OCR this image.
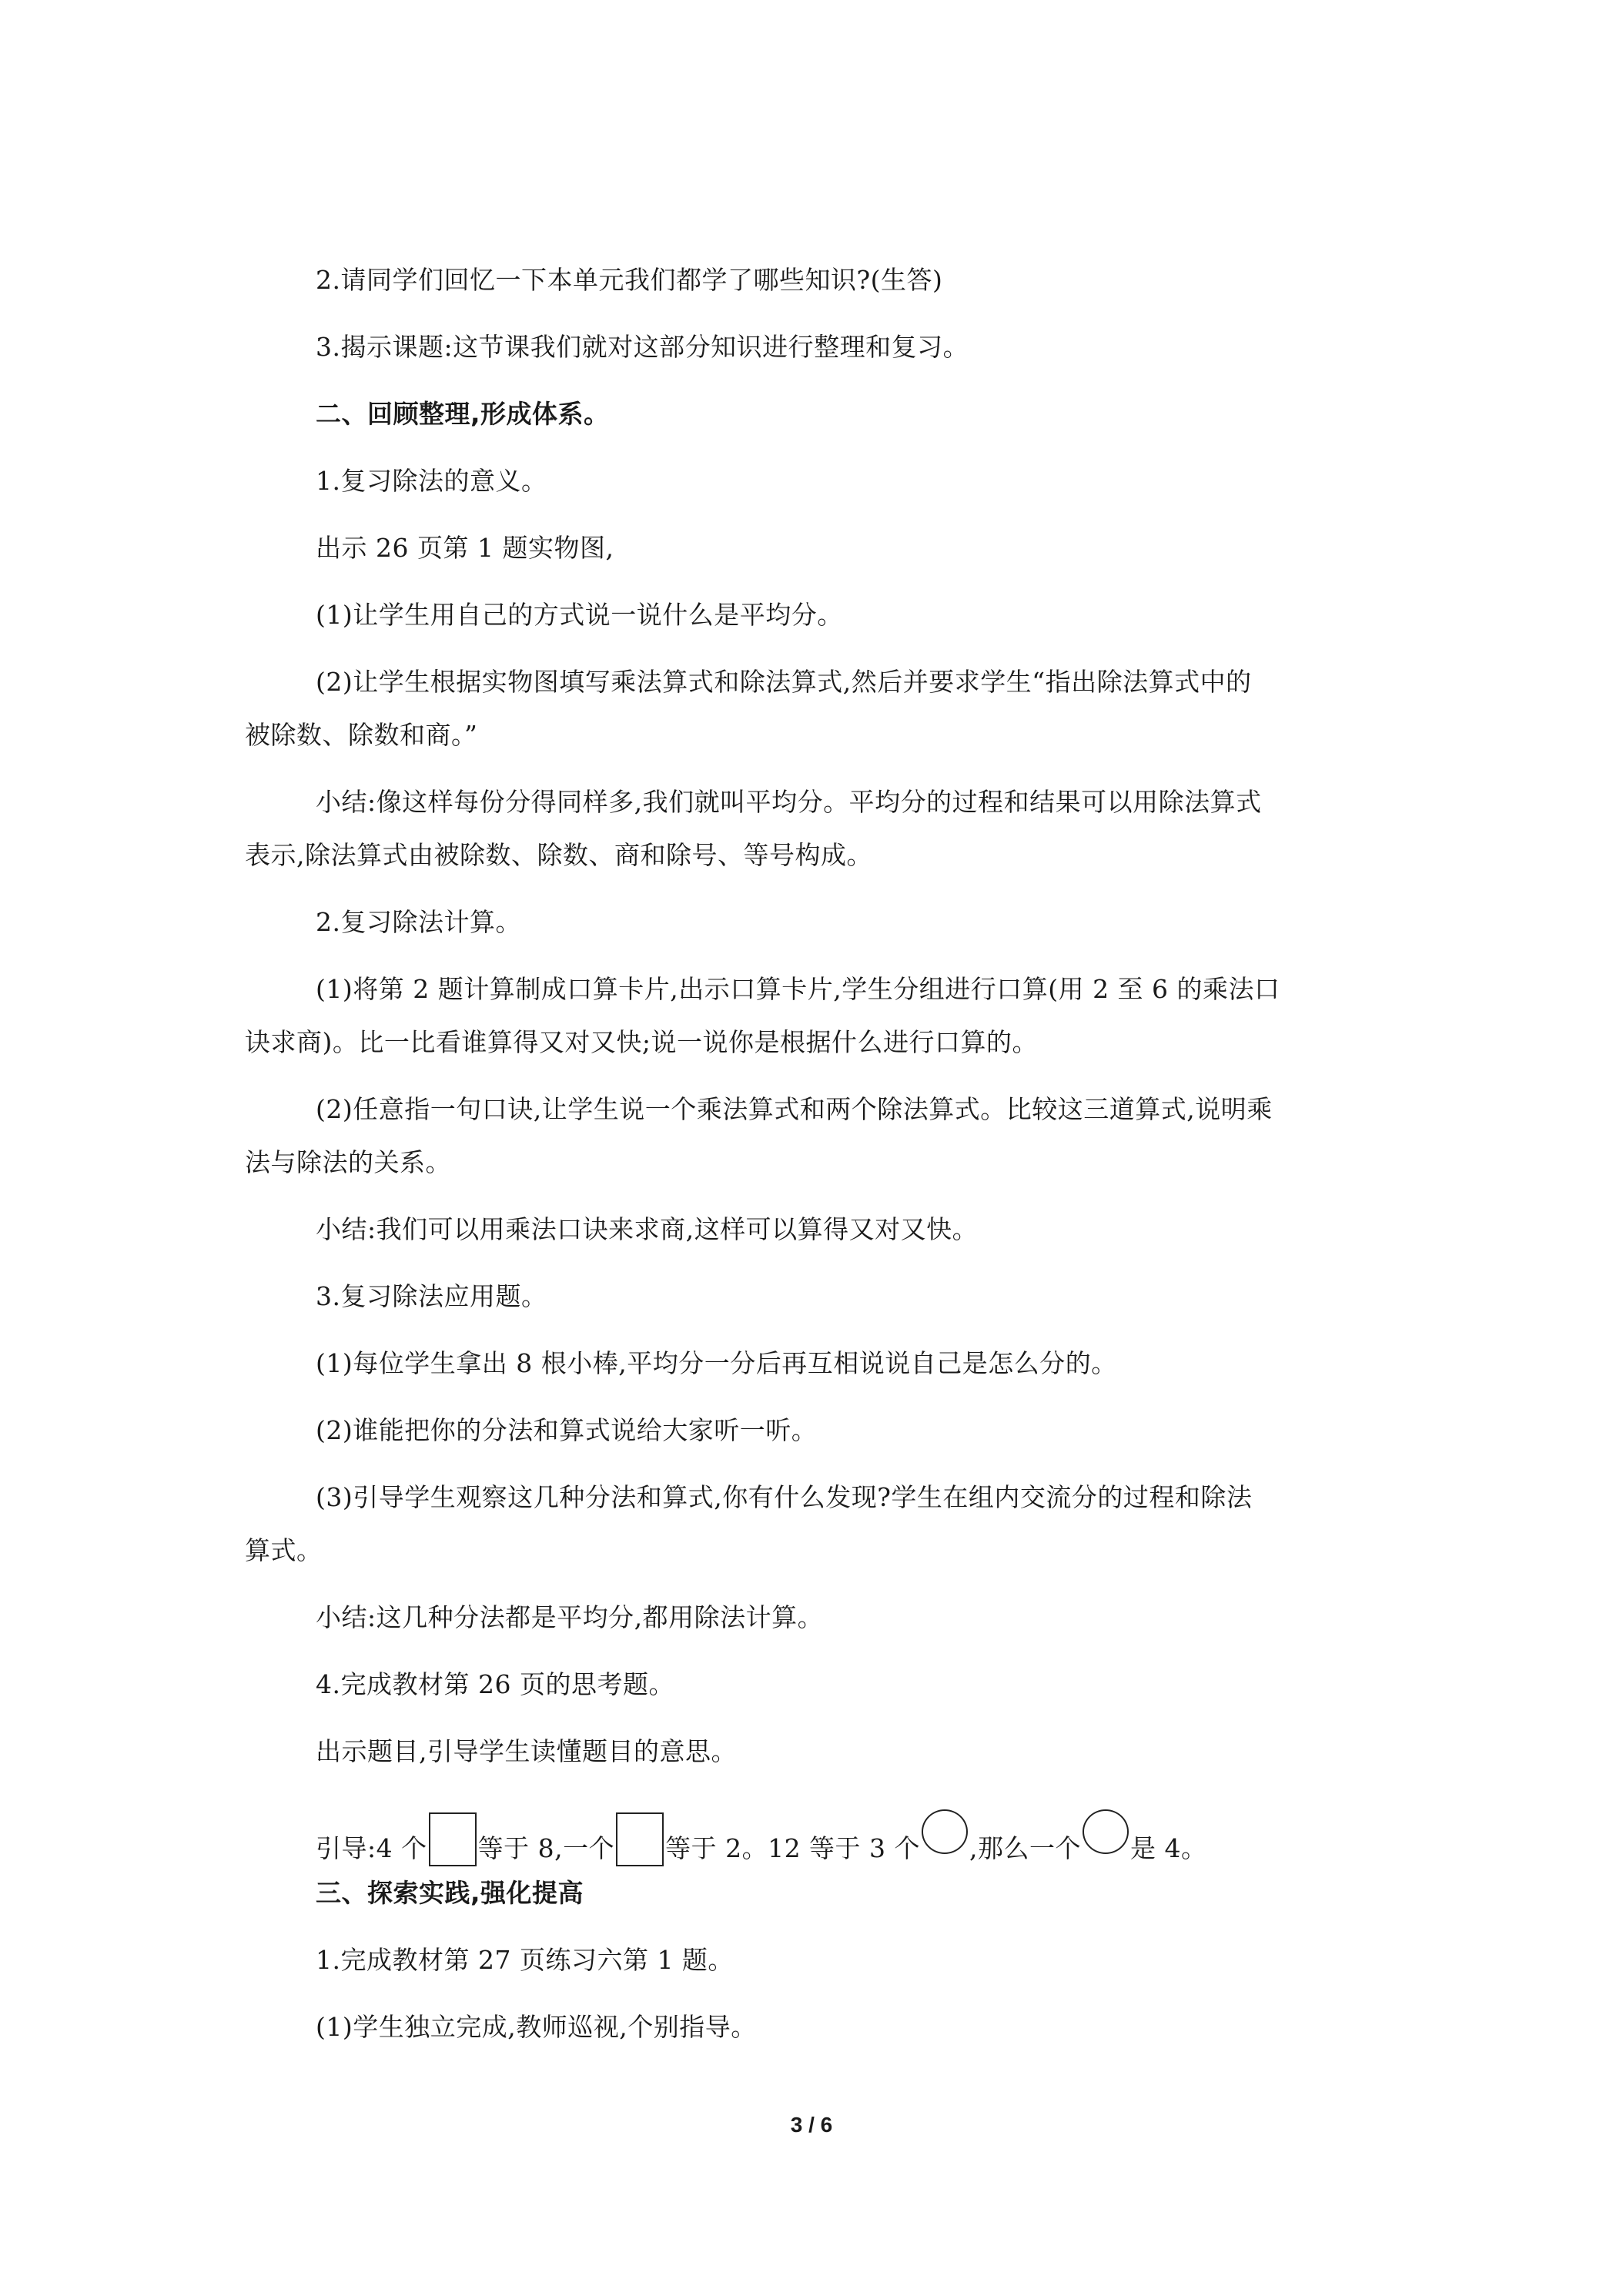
2.请同学们回忆一下本单元我们都学了哪些知识?(生答)
3.揭示课题:这节课我们就对这部分知识进行整理和复习。
二、回顾整理,形成体系。
1.复习除法的意义。
出示 26 页第 1 题实物图,
(1)让学生用自己的方式说一说什么是平均分。
(2)让学生根据实物图填写乘法算式和除法算式,然后并要求学生“指出除法算式中的
被除数、除数和商。”
小结:像这样每份分得同样多,我们就叫平均分。平均分的过程和结果可以用除法算式
表示,除法算式由被除数、除数、商和除号、等号构成。
2.复习除法计算。
(1)将第 2 题计算制成口算卡片,出示口算卡片,学生分组进行口算(用 2 至 6 的乘法口
诀求商)。比一比看谁算得又对又快;说一说你是根据什么进行口算的。
(2)任意指一句口诀,让学生说一个乘法算式和两个除法算式。比较这三道算式,说明乘
法与除法的关系。
小结:我们可以用乘法口诀来求商,这样可以算得又对又快。
3.复习除法应用题。
(1)每位学生拿出 8 根小棒,平均分一分后再互相说说自己是怎么分的。
(2)谁能把你的分法和算式说给大家听一听。
(3)引导学生观察这几种分法和算式,你有什么发现?学生在组内交流分的过程和除法
算式。
小结:这几种分法都是平均分,都用除法计算。
4.完成教材第 26 页的思考题。
出示题目,引导学生读懂题目的意思。
引导:4 个 等于 8,一个 等于 2。12 等于 3 个 ,那么一个 是 4。
三、探索实践,强化提高
1.完成教材第 27 页练习六第 1 题。
(1)学生独立完成,教师巡视,个别指导。
3 / 6
